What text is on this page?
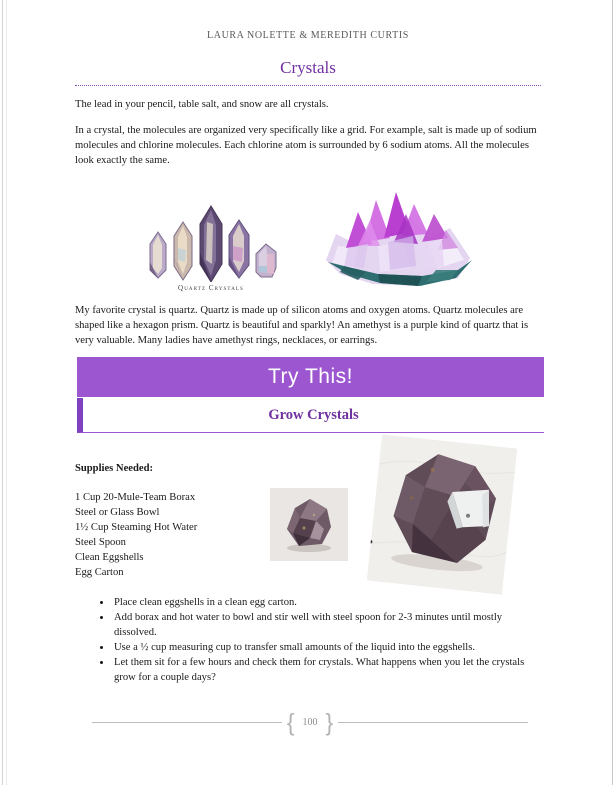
LAURA NOLETTE & MEREDITH CURTIS
Crystals

The lead in your pencil, table salt, and snow are all crystals.

In a crystal, the molecules are organized very specifically like a grid. For example, salt is made up of sodium molecules and chlorine molecules. Each chlorine atom is surrounded by 6 sodium atoms. All the molecules look exactly the same.

Quartz Crystals

My favorite crystal is quartz. Quartz is made up of silicon atoms and oxygen atoms. Quartz molecules are shaped like a hexagon prism. Quartz is beautiful and sparkly! An amethyst is a purple kind of quartz that is very valuable. Many ladies have amethyst rings, necklaces, or earrings.

Try This!
Grow Crystals
Supplies Needed:
1 Cup 20-Mule-Team Borax
Steel or Glass Bowl
1½ Cup Steaming Hot Water
Steel Spoon
Clean Eggshells
Egg Carton
• Place clean eggshells in a clean egg carton.
• Add borax and hot water to bowl and stir well with steel spoon for 2-3 minutes until mostly dissolved.
• Use a ½ cup measuring cup to transfer small amounts of the liquid into the eggshells.
• Let them sit for a few hours and check them for crystals. What happens when you let the crystals grow for a couple days?
{ 100 }
